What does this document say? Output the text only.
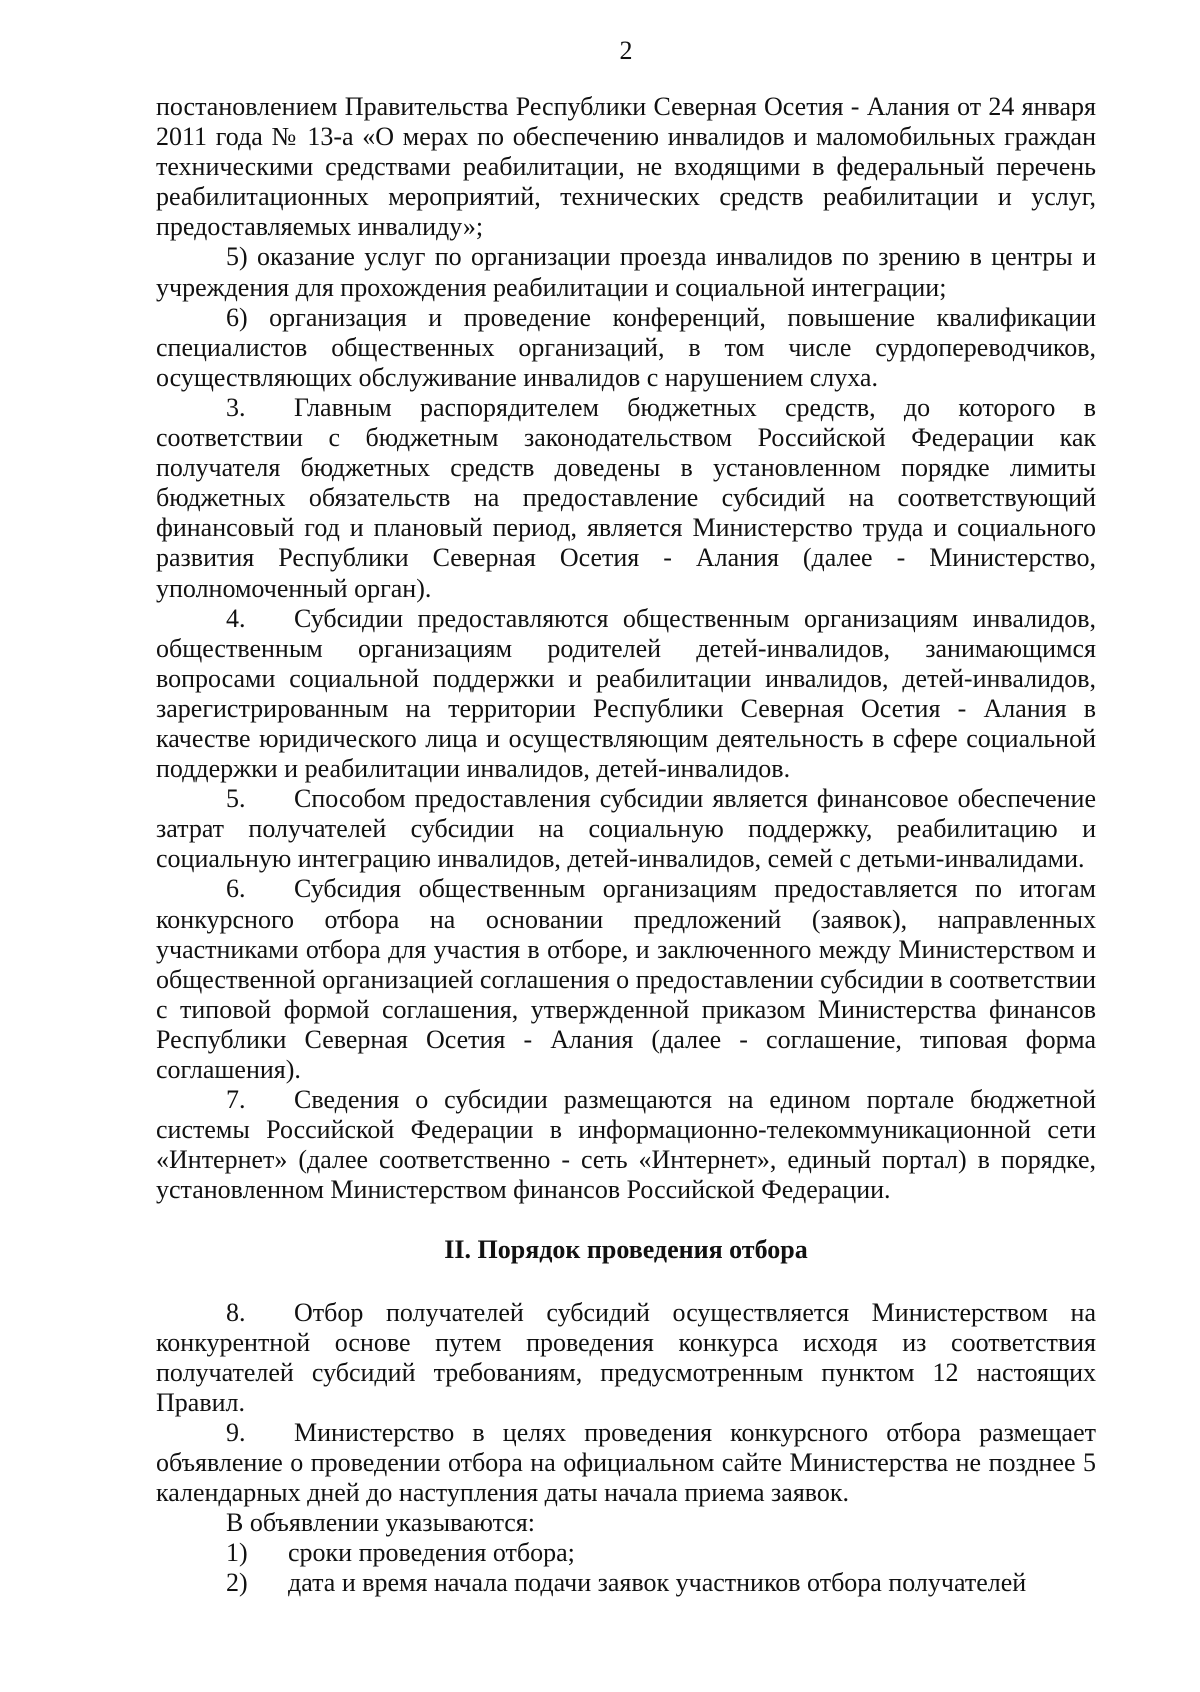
2

постановлением Правительства Республики Северная Осетия - Алания от 24 января 2011 года № 13-а «О мерах по обеспечению инвалидов и маломобильных граждан техническими средствами реабилитации, не входящими в федеральный перечень реабилитационных мероприятий, технических средств реабилитации и услуг, предоставляемых инвалиду»;

5) оказание услуг по организации проезда инвалидов по зрению в центры и учреждения для прохождения реабилитации и социальной интеграции;

6) организация и проведение конференций, повышение квалификации специалистов общественных организаций, в том числе сурдопереводчиков, осуществляющих обслуживание инвалидов с нарушением слуха.

3. Главным распорядителем бюджетных средств, до которого в соответствии с бюджетным законодательством Российской Федерации как получателя бюджетных средств доведены в установленном порядке лимиты бюджетных обязательств на предоставление субсидий на соответствующий финансовый год и плановый период, является Министерство труда и социального развития Республики Северная Осетия - Алания (далее - Министерство, уполномоченный орган).

4. Субсидии предоставляются общественным организациям инвалидов, общественным организациям родителей детей-инвалидов, занимающимся вопросами социальной поддержки и реабилитации инвалидов, детей-инвалидов, зарегистрированным на территории Республики Северная Осетия - Алания в качестве юридического лица и осуществляющим деятельность в сфере социальной поддержки и реабилитации инвалидов, детей-инвалидов.

5. Способом предоставления субсидии является финансовое обеспечение затрат получателей субсидии на социальную поддержку, реабилитацию и социальную интеграцию инвалидов, детей-инвалидов, семей с детьми-инвалидами.

6. Субсидия общественным организациям предоставляется по итогам конкурсного отбора на основании предложений (заявок), направленных участниками отбора для участия в отборе, и заключенного между Министерством и общественной организацией соглашения о предоставлении субсидии в соответствии с типовой формой соглашения, утвержденной приказом Министерства финансов Республики Северная Осетия - Алания (далее - соглашение, типовая форма соглашения).

7. Сведения о субсидии размещаются на едином портале бюджетной системы Российской Федерации в информационно-телекоммуникационной сети «Интернет» (далее соответственно - сеть «Интернет», единый портал) в порядке, установленном Министерством финансов Российской Федерации.

II. Порядок проведения отбора

8. Отбор получателей субсидий осуществляется Министерством на конкурентной основе путем проведения конкурса исходя из соответствия получателей субсидий требованиям, предусмотренным пунктом 12 настоящих Правил.

9. Министерство в целях проведения конкурсного отбора размещает объявление о проведении отбора на официальном сайте Министерства не позднее 5 календарных дней до наступления даты начала приема заявок.

В объявлении указываются:

1)	сроки проведения отбора;
2)	дата и время начала подачи заявок участников отбора получателей
